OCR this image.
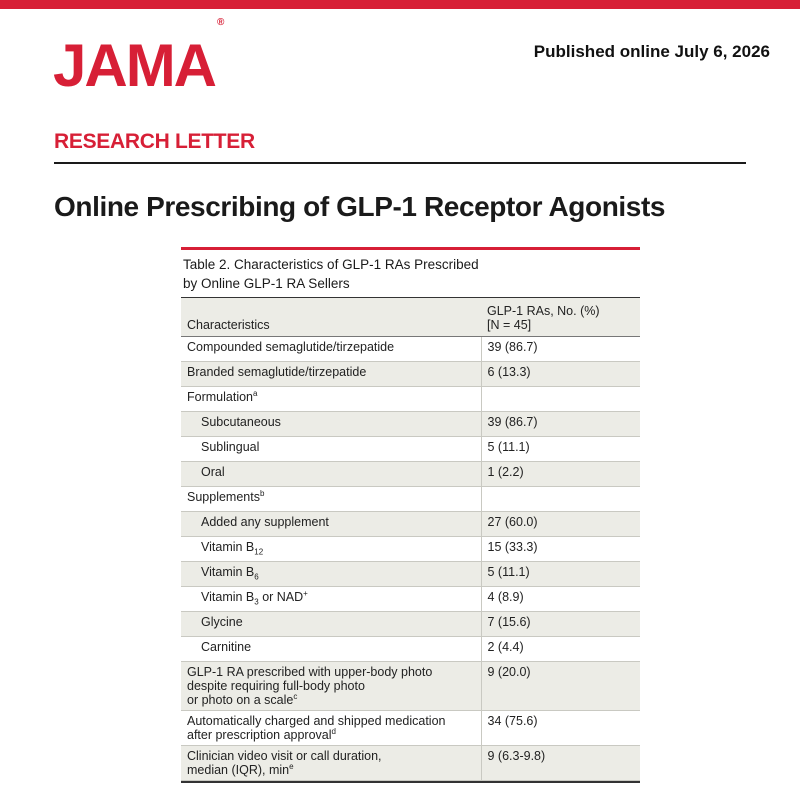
JAMA®
Published online July 6, 2026
RESEARCH LETTER
Online Prescribing of GLP-1 Receptor Agonists
Table 2. Characteristics of GLP-1 RAs Prescribed
by Online GLP-1 RA Sellers
Characteristics	GLP-1 RAs, No. (%)
[N = 45]

Compounded semaglutide/tirzepatide	39 (86.7)
Branded semaglutide/tirzepatide	6 (13.3)
Formulation$^a$	
Subcutaneous	39 (86.7)
Sublingual	5 (11.1)
Oral	1 (2.2)
Supplements$^b$	
Added any supplement	27 (60.0)
Vitamin $B_{12}$	15 (33.3)
Vitamin $B_6$	5 (11.1)
Vitamin $B_3$ or NAD+	4 (8.9)
Glycine	7 (15.6)
Carnitine	2 (4.4)

GLP-1 RA prescribed with upper-body photo
despite requiring full-body photo
or photo on a scale$^c$	9 (20.0)

Automatically charged and shipped medication
after prescription approval$^d$	34 (75.6)

Clinician video visit or call duration,
median (IQR), $\min^e$	9 (6.3-9.8)
